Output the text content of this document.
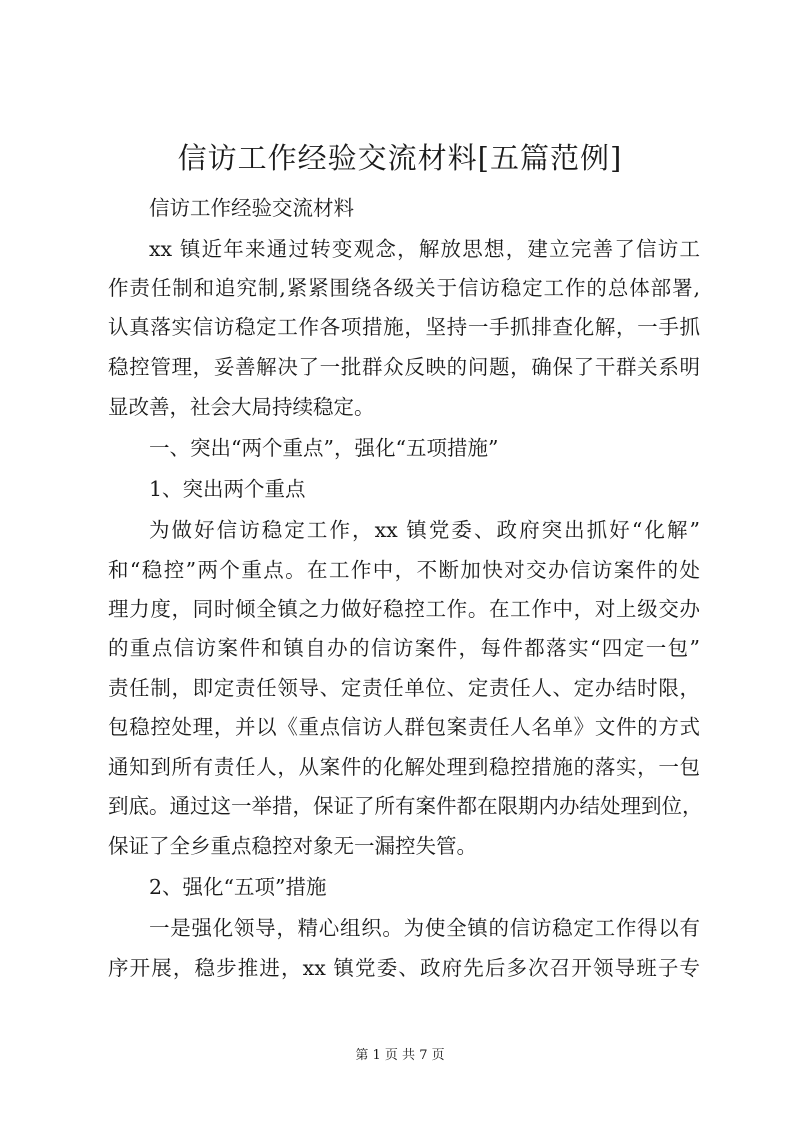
信访工作经验交流材料[五篇范例]

信访工作经验交流材料

xx 镇近年来通过转变观念，解放思想，建立完善了信访工

作责任制和追究制,紧紧围绕各级关于信访稳定工作的总体部署,

认真落实信访稳定工作各项措施，坚持一手抓排查化解，一手抓

稳控管理，妥善解决了一批群众反映的问题，确保了干群关系明

显改善，社会大局持续稳定。

一、突出“两个重点”，强化“五项措施”

1、突出两个重点

为做好信访稳定工作，xx 镇党委、政府突出抓好“化解”

和“稳控”两个重点。在工作中，不断加快对交办信访案件的处

理力度，同时倾全镇之力做好稳控工作。在工作中，对上级交办

的重点信访案件和镇自办的信访案件，每件都落实“四定一包”

责任制，即定责任领导、定责任单位、定责任人、定办结时限，

包稳控处理，并以《重点信访人群包案责任人名单》文件的方式

通知到所有责任人，从案件的化解处理到稳控措施的落实，一包

到底。通过这一举措，保证了所有案件都在限期内办结处理到位，

保证了全乡重点稳控对象无一漏控失管。

2、强化“五项”措施

一是强化领导，精心组织。为使全镇的信访稳定工作得以有

序开展，稳步推进，xx 镇党委、政府先后多次召开领导班子专

第 1 页 共 7 页
